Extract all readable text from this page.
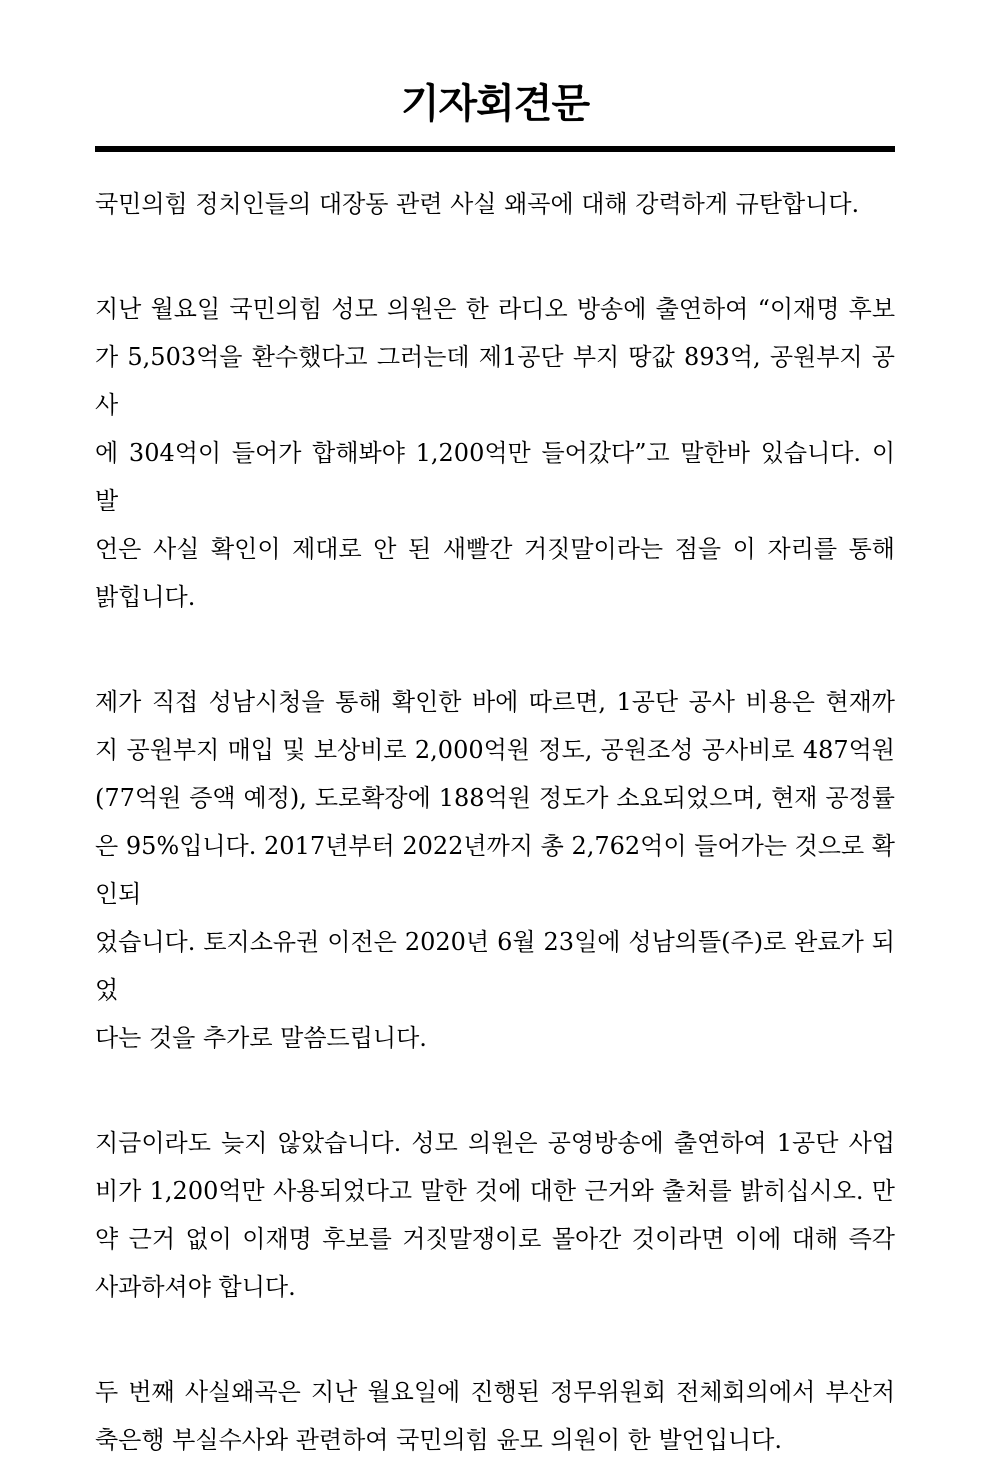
기자회견문
국민의힘 정치인들의 대장동 관련 사실 왜곡에 대해 강력하게 규탄합니다.
지난 월요일 국민의힘 성모 의원은 한 라디오 방송에 출연하여 “이재명 후보
가 5,503억을 환수했다고 그러는데 제1공단 부지 땅값 893억, 공원부지 공사
에 304억이 들어가 합해봐야 1,200억만 들어갔다”고 말한바 있습니다. 이 발
언은 사실 확인이 제대로 안 된 새빨간 거짓말이라는 점을 이 자리를 통해
밝힙니다.
제가 직접 성남시청을 통해 확인한 바에 따르면, 1공단 공사 비용은 현재까
지 공원부지 매입 및 보상비로 2,000억원 정도, 공원조성 공사비로 487억원
(77억원 증액 예정), 도로확장에 188억원 정도가 소요되었으며, 현재 공정률
은 95%입니다. 2017년부터 2022년까지 총 2,762억이 들어가는 것으로 확인되
었습니다. 토지소유권 이전은 2020년 6월 23일에 성남의뜰(주)로 완료가 되었
다는 것을 추가로 말씀드립니다.
지금이라도 늦지 않았습니다. 성모 의원은 공영방송에 출연하여 1공단 사업
비가 1,200억만 사용되었다고 말한 것에 대한 근거와 출처를 밝히십시오. 만
약 근거 없이 이재명 후보를 거짓말쟁이로 몰아간 것이라면 이에 대해 즉각
사과하셔야 합니다.
두 번째 사실왜곡은 지난 월요일에 진행된 정무위원회 전체회의에서 부산저
축은행 부실수사와 관련하여 국민의힘 윤모 의원이 한 발언입니다.
